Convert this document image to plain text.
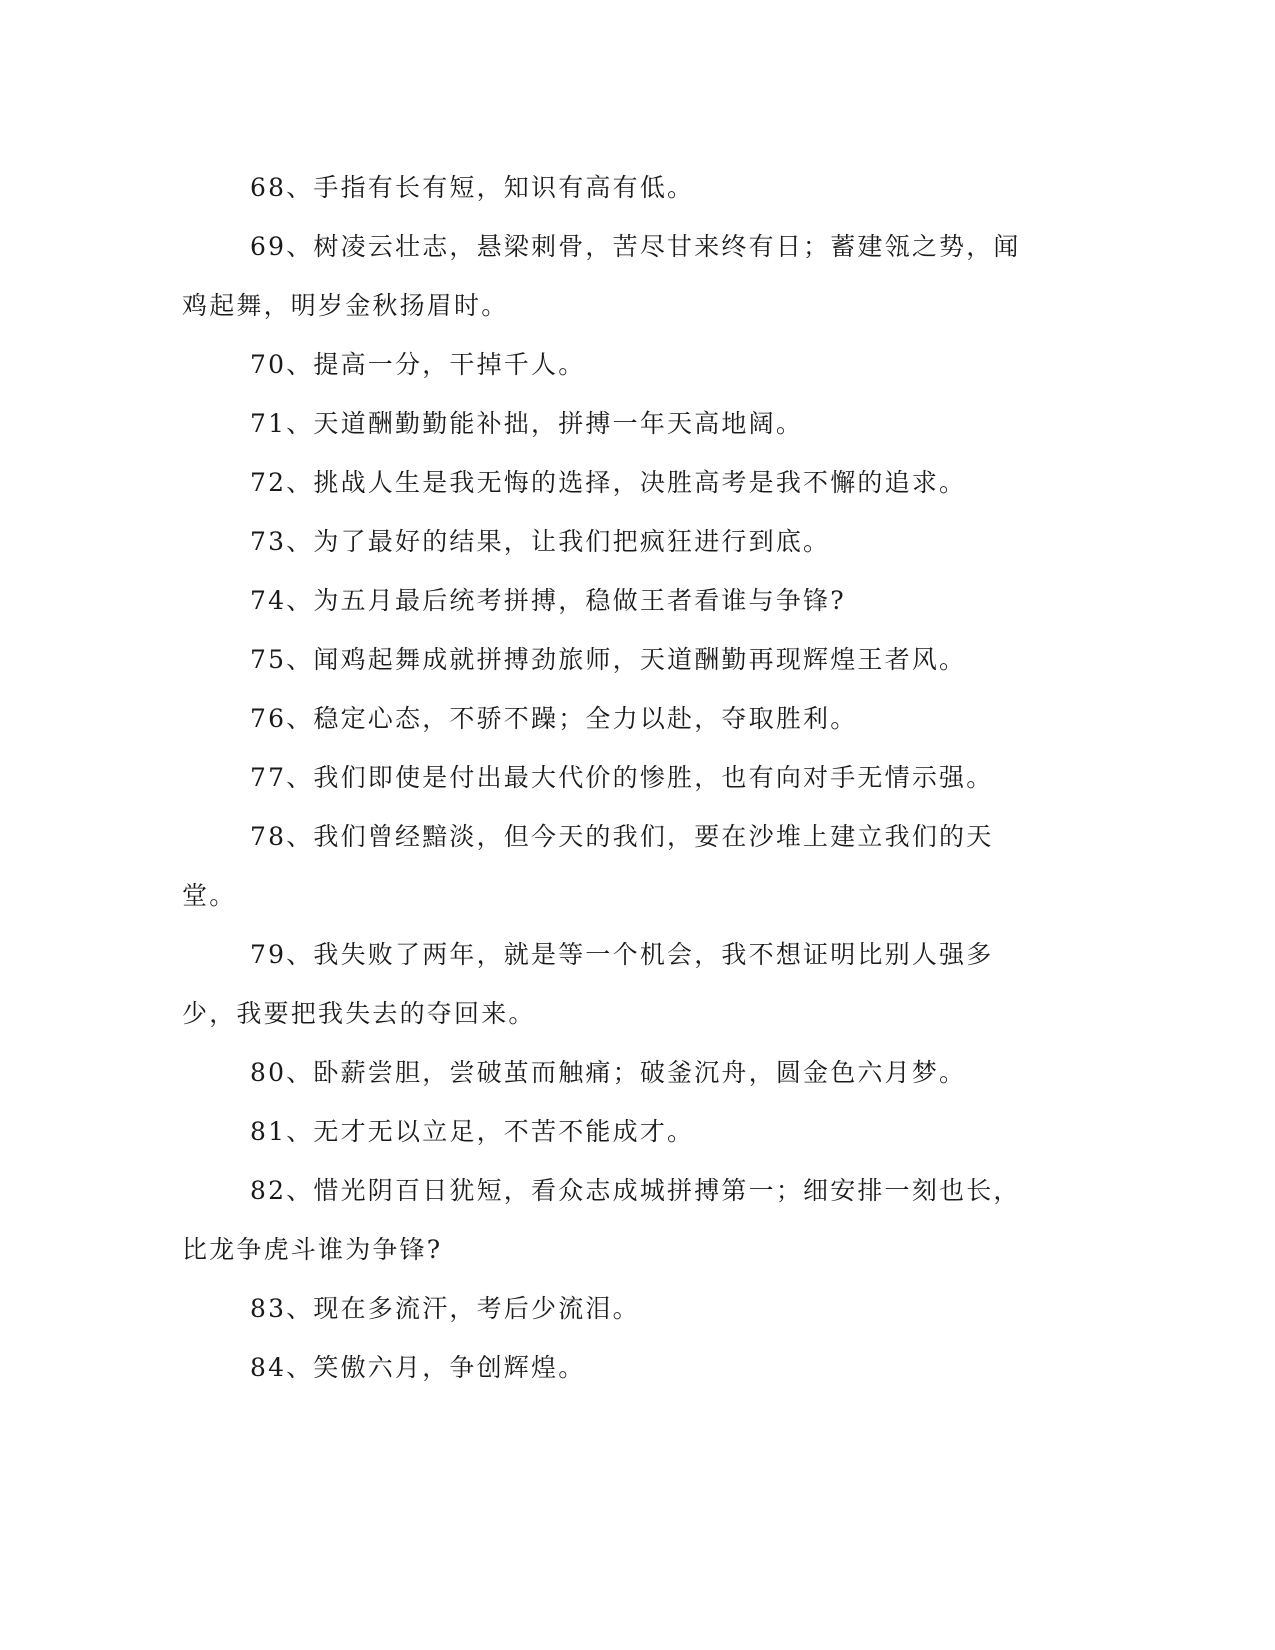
68、手指有长有短，知识有高有低。

69、树凌云壮志，悬梁刺骨，苦尽甘来终有日；蓄建瓴之势，闻鸡起舞，明岁金秋扬眉时。

70、提高一分，干掉千人。

71、天道酬勤勤能补拙，拼搏一年天高地阔。

72、挑战人生是我无悔的选择，决胜高考是我不懈的追求。

73、为了最好的结果，让我们把疯狂进行到底。

74、为五月最后统考拼搏，稳做王者看谁与争锋?

75、闻鸡起舞成就拼搏劲旅师，天道酬勤再现辉煌王者风。

76、稳定心态，不骄不躁；全力以赴，夺取胜利。

77、我们即使是付出最大代价的惨胜，也有向对手无情示强。

78、我们曾经黯淡，但今天的我们，要在沙堆上建立我们的天堂。

79、我失败了两年，就是等一个机会，我不想证明比别人强多少，我要把我失去的夺回来。

80、卧薪尝胆，尝破茧而触痛；破釜沉舟，圆金色六月梦。

81、无才无以立足，不苦不能成才。

82、惜光阴百日犹短，看众志成城拼搏第一；细安排一刻也长，比龙争虎斗谁为争锋?

83、现在多流汗，考后少流泪。

84、笑傲六月，争创辉煌。
